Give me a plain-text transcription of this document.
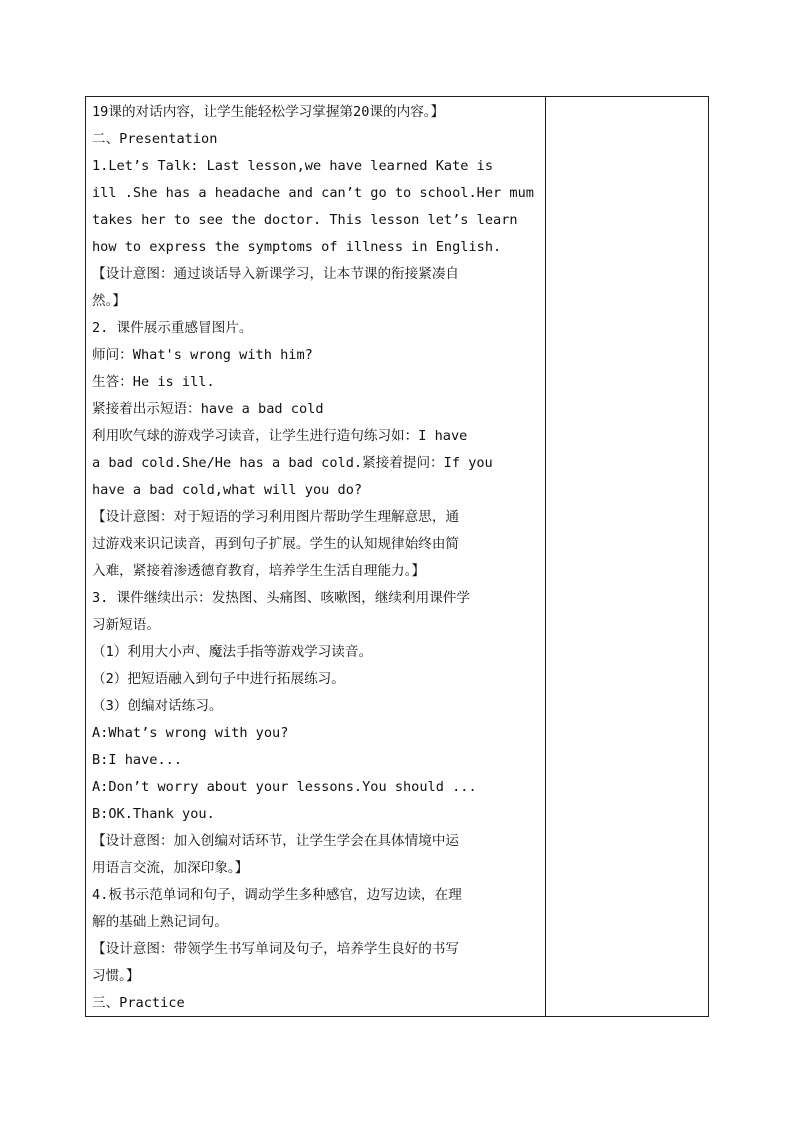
19课的对话内容，让学生能轻松学习掌握第20课的内容。】
二、Presentation
1.Let’s Talk: Last lesson,we have learned Kate is
ill .She has a headache and can’t go to school.Her mum
takes her to see the doctor. This lesson let’s learn
how to express the symptoms of illness in English.
【设计意图：通过谈话导入新课学习，让本节课的衔接紧凑自
然。】
2. 课件展示重感冒图片。
师问：What's wrong with him?
生答：He is ill.
紧接着出示短语：have a bad cold
利用吹气球的游戏学习读音，让学生进行造句练习如：I have
a bad cold.She/He has a bad cold.紧接着提问：If you
have a bad cold,what will you do?
【设计意图：对于短语的学习利用图片帮助学生理解意思，通
过游戏来识记读音，再到句子扩展。学生的认知规律始终由简
入难，紧接着渗透德育教育，培养学生生活自理能力。】
3. 课件继续出示：发热图、头痛图、咳嗽图，继续利用课件学
习新短语。
（1）利用大小声、魔法手指等游戏学习读音。
（2）把短语融入到句子中进行拓展练习。
（3）创编对话练习。
A:What’s wrong with you?
B:I have...
A:Don’t worry about your lessons.You should ...
B:OK.Thank you.
【设计意图：加入创编对话环节，让学生学会在具体情境中运
用语言交流，加深印象。】
4.板书示范单词和句子，调动学生多种感官，边写边读，在理
解的基础上熟记词句。
【设计意图：带领学生书写单词及句子，培养学生良好的书写
习惯。】
三、Practice
